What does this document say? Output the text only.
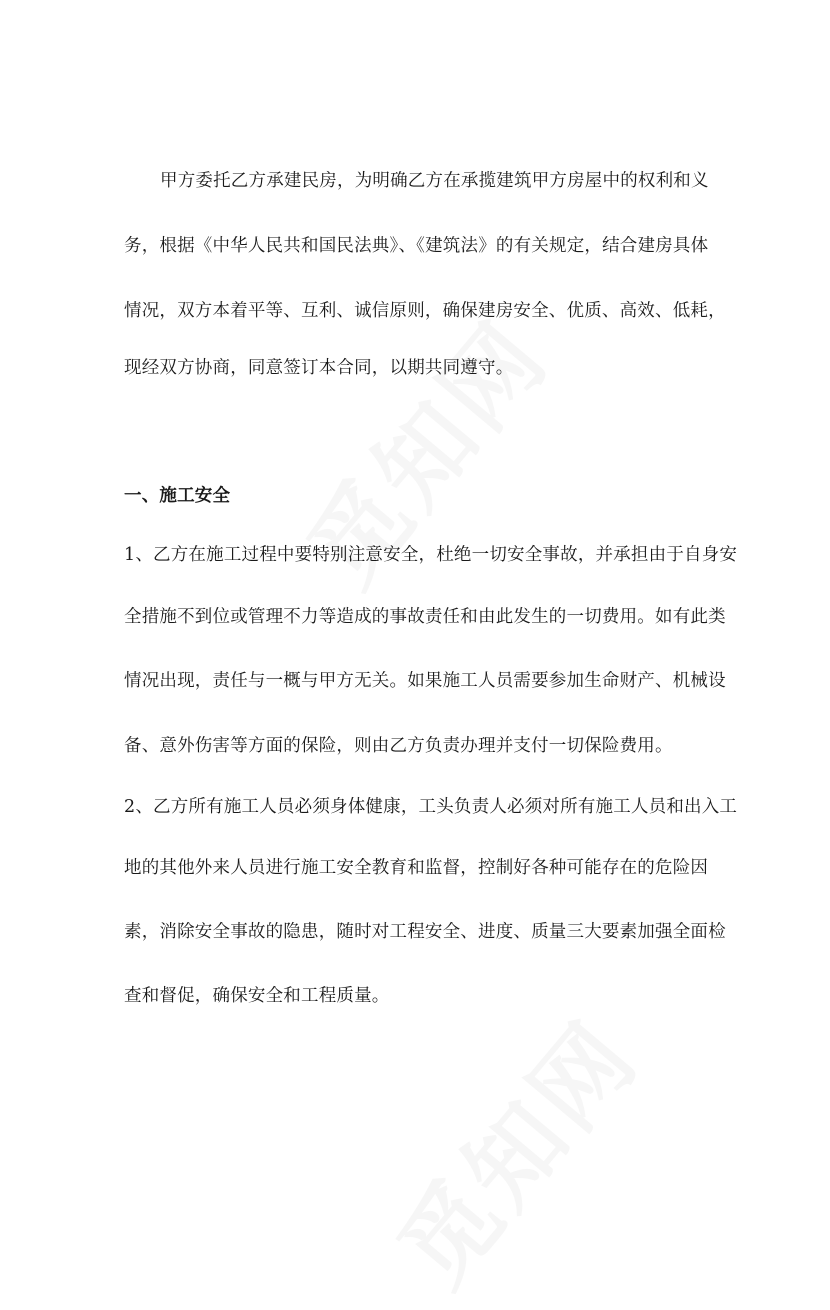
甲方委托乙方承建民房，为明确乙方在承揽建筑甲方房屋中的权利和义
务，根据《中华人民共和国民法典》、《建筑法》的有关规定，结合建房具体
情况，双方本着平等、互利、诚信原则，确保建房安全、优质、高效、低耗，
现经双方协商，同意签订本合同，以期共同遵守。
一、施工安全
1、乙方在施工过程中要特别注意安全，杜绝一切安全事故，并承担由于自身安
全措施不到位或管理不力等造成的事故责任和由此发生的一切费用。如有此类
情况出现，责任与一概与甲方无关。如果施工人员需要参加生命财产、机械设
备、意外伤害等方面的保险，则由乙方负责办理并支付一切保险费用。
2、乙方所有施工人员必须身体健康，工头负责人必须对所有施工人员和出入工
地的其他外来人员进行施工安全教育和监督，控制好各种可能存在的危险因
素，消除安全事故的隐患，随时对工程安全、进度、质量三大要素加强全面检
查和督促，确保安全和工程质量。
